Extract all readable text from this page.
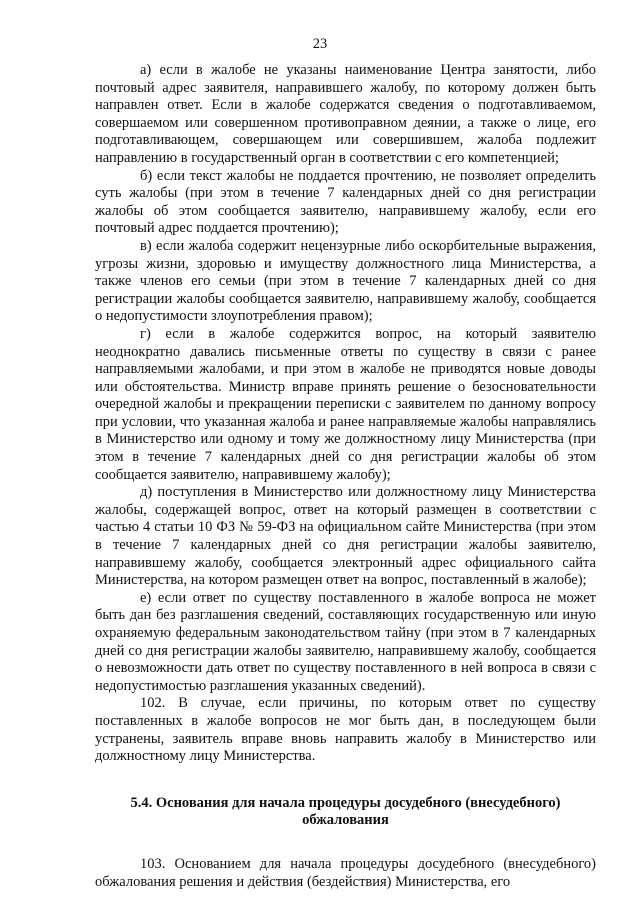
23

а) если в жалобе не указаны наименование Центра занятости, либо почтовый адрес заявителя, направившего жалобу, по которому должен быть направлен ответ. Если в жалобе содержатся сведения о подготавливаемом, совершаемом или совершенном противоправном деянии, а также о лице, его подготавливающем, совершающем или совершившем, жалоба подлежит направлению в государственный орган в соответствии с его компетенцией;

б) если текст жалобы не поддается прочтению, не позволяет определить суть жалобы (при этом в течение 7 календарных дней со дня регистрации жалобы об этом сообщается заявителю, направившему жалобу, если его почтовый адрес поддается прочтению);

в) если жалоба содержит нецензурные либо оскорбительные выражения, угрозы жизни, здоровью и имуществу должностного лица Министерства, а также членов его семьи (при этом в течение 7 календарных дней со дня регистрации жалобы сообщается заявителю, направившему жалобу, сообщается о недопустимости злоупотребления правом);

г) если в жалобе содержится вопрос, на который заявителю неоднократно давались письменные ответы по существу в связи с ранее направляемыми жалобами, и при этом в жалобе не приводятся новые доводы или обстоятельства. Министр вправе принять решение о безосновательности очередной жалобы и прекращении переписки с заявителем по данному вопросу при условии, что указанная жалоба и ранее направляемые жалобы направлялись в Министерство или одному и тому же должностному лицу Министерства (при этом в течение 7 календарных дней со дня регистрации жалобы об этом сообщается заявителю, направившему жалобу);

д) поступления в Министерство или должностному лицу Министерства жалобы, содержащей вопрос, ответ на который размещен в соответствии с частью 4 статьи 10 ФЗ № 59-ФЗ на официальном сайте Министерства (при этом в течение 7 календарных дней со дня регистрации жалобы заявителю, направившему жалобу, сообщается электронный адрес официального сайта Министерства, на котором размещен ответ на вопрос, поставленный в жалобе);

е) если ответ по существу поставленного в жалобе вопроса не может быть дан без разглашения сведений, составляющих государственную или иную охраняемую федеральным законодательством тайну (при этом в 7 календарных дней со дня регистрации жалобы заявителю, направившему жалобу, сообщается о невозможности дать ответ по существу поставленного в ней вопроса в связи с недопустимостью разглашения указанных сведений).

102. В случае, если причины, по которым ответ по существу поставленных в жалобе вопросов не мог быть дан, в последующем были устранены, заявитель вправе вновь направить жалобу в Министерство или должностному лицу Министерства.

5.4. Основания для начала процедуры досудебного (внесудебного) обжалования

103. Основанием для начала процедуры досудебного (внесудебного) обжалования решения и действия (бездействия) Министерства, его
